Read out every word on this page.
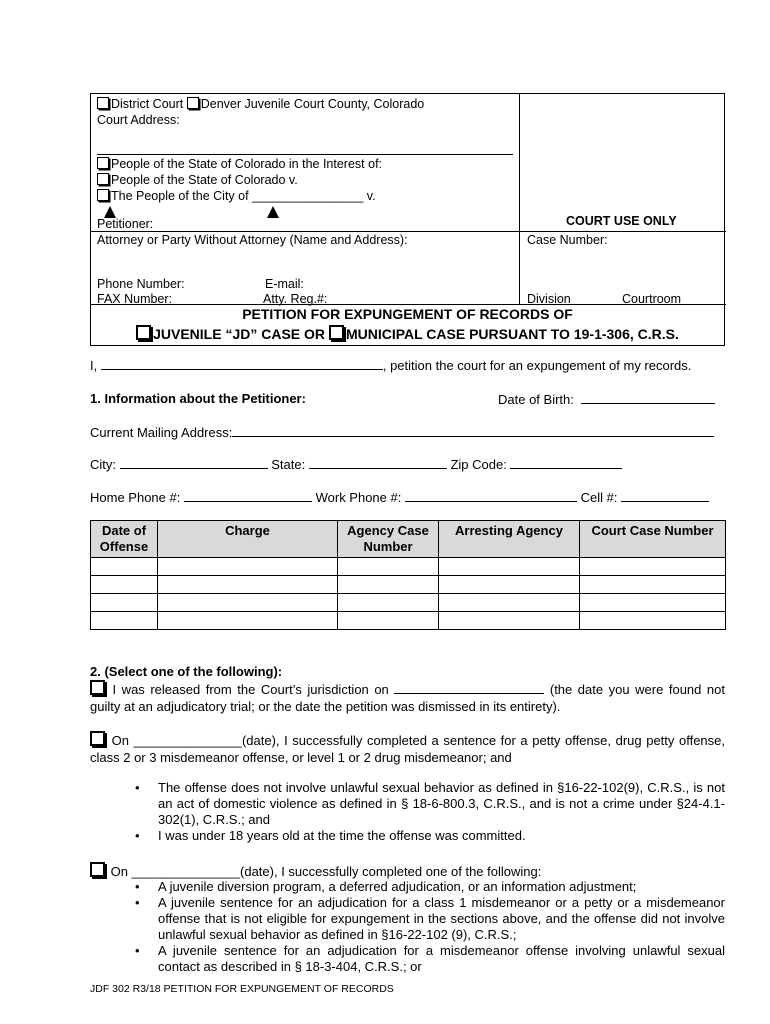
District Court Denver Juvenile Court County, Colorado
Court Address:
People of the State of Colorado in the Interest of:
People of the State of Colorado v.
The People of the City of ________________ v.
Petitioner:	COURT USE ONLY
Attorney or Party Without Attorney (Name and Address):	Case Number:
Phone Number:	E-mail:
FAX Number:	Atty. Reg.#:	Division	Courtroom
PETITION FOR EXPUNGEMENT OF RECORDS OF
JUVENILE “JD” CASE OR MUNICIPAL CASE PURSUANT TO 19-1-306, C.R.S.
I,	, petition the court for an expungement of my records.
1. Information about the Petitioner:	Date of Birth:
Current Mailing Address:
City:	State:	Zip Code:
Home Phone #:	Work Phone #:	Cell #:
Date of Offense	Charge	Agency Case Number	Arresting Agency	Court Case Number

2. (Select one of the following):
I was released from the Court’s jurisdiction on	(the date you were found not guilty at an adjudicatory trial; or the date the petition was dismissed in its entirety).
On _______________(date), I successfully completed a sentence for a petty offense, drug petty offense, class 2 or 3 misdemeanor offense, or level 1 or 2 drug misdemeanor; and
• The offense does not involve unlawful sexual behavior as defined in §16-22-102(9), C.R.S., is not an act of domestic violence as defined in § 18-6-800.3, C.R.S., and is not a crime under §24-4.1-302(1), C.R.S.; and
• I was under 18 years old at the time the offense was committed.
On _______________(date), I successfully completed one of the following:
• A juvenile diversion program, a deferred adjudication, or an information adjustment;
• A juvenile sentence for an adjudication for a class 1 misdemeanor or a petty or a misdemeanor offense that is not eligible for expungement in the sections above, and the offense did not involve unlawful sexual behavior as defined in §16-22-102 (9), C.R.S.;
• A juvenile sentence for an adjudication for a misdemeanor offense involving unlawful sexual contact as described in § 18-3-404, C.R.S.; or
JDF 302 R3/18 PETITION FOR EXPUNGEMENT OF RECORDS
